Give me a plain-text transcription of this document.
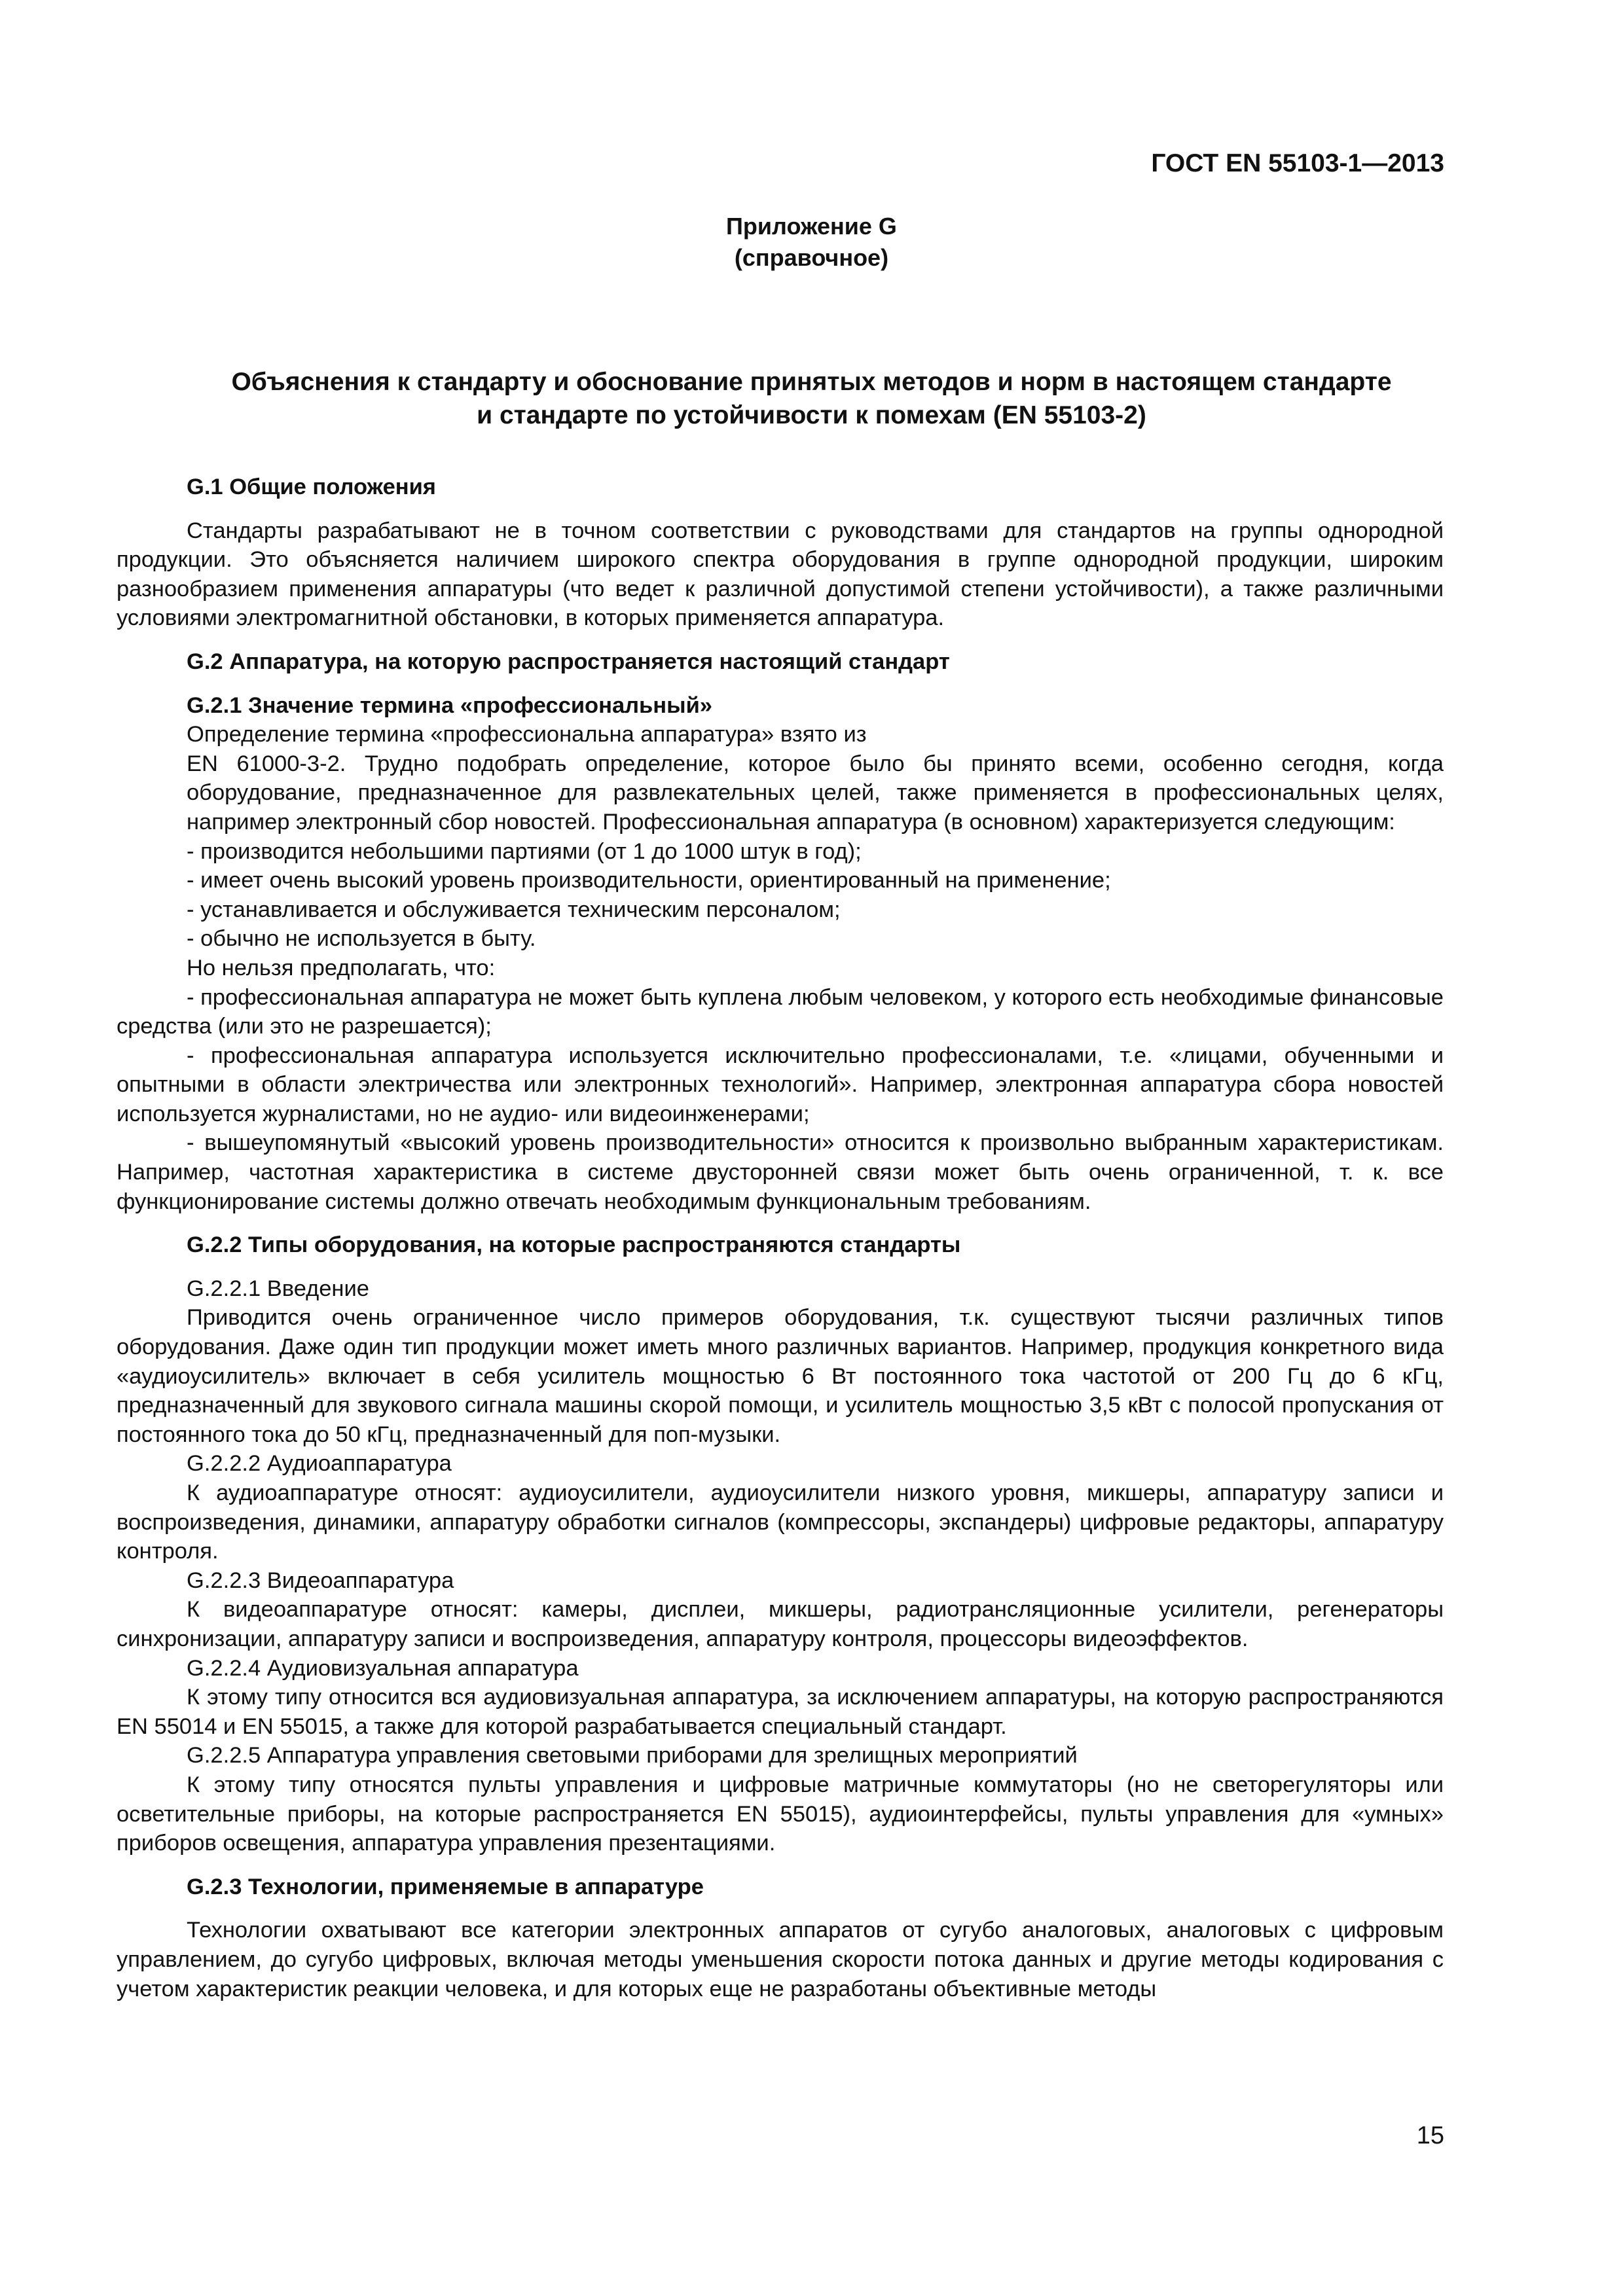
ГОСТ EN 55103-1—2013
Приложение G
(справочное)
Объяснения к стандарту и обоснование принятых методов и норм в настоящем стандарте
и стандарте по устойчивости к помехам (EN 55103-2)

G.1 Общие положения

Стандарты разрабатывают не в точном соответствии с руководствами для стандартов на группы однородной продукции. Это объясняется наличием широкого спектра оборудования в группе однородной продукции, широким разнообразием применения аппаратуры (что ведет к различной допустимой степени устойчивости), а также различными условиями электромагнитной обстановки, в которых применяется аппаратура.

G.2 Аппаратура, на которую распространяется настоящий стандарт

G.2.1 Значение термина «профессиональный»

Определение термина «профессиональна аппаратура» взято из

EN 61000-3-2. Трудно подобрать определение, которое было бы принято всеми, особенно сегодня, когда оборудование, предназначенное для развлекательных целей, также применяется в профессиональных целях, например электронный сбор новостей. Профессиональная аппаратура (в основном) характеризуется следующим:

- производится небольшими партиями (от 1 до 1000 штук в год);

- имеет очень высокий уровень производительности, ориентированный на применение;

- устанавливается и обслуживается техническим персоналом;

- обычно не используется в быту.

Но нельзя предполагать, что:

- профессиональная аппаратура не может быть куплена любым человеком, у которого есть необходимые финансовые средства (или это не разрешается);

- профессиональная аппаратура используется исключительно профессионалами, т.е. «лицами, обученными и опытными в области электричества или электронных технологий». Например, электронная аппаратура сбора новостей используется журналистами, но не аудио- или видеоинженерами;

- вышеупомянутый «высокий уровень производительности» относится к произвольно выбранным характеристикам. Например, частотная характеристика в системе двусторонней связи может быть очень ограниченной, т. к. все функционирование системы должно отвечать необходимым функциональным требованиям.

G.2.2 Типы оборудования, на которые распространяются стандарты

G.2.2.1 Введение

Приводится очень ограниченное число примеров оборудования, т.к. существуют тысячи различных типов оборудования. Даже один тип продукции может иметь много различных вариантов. Например, продукция конкретного вида «аудиоусилитель» включает в себя усилитель мощностью 6 Вт постоянного тока частотой от 200 Гц до 6 кГц, предназначенный для звукового сигнала машины скорой помощи, и усилитель мощностью 3,5 кВт с полосой пропускания от постоянного тока до 50 кГц, предназначенный для поп-музыки.

G.2.2.2 Аудиоаппаратура

К аудиоаппаратуре относят: аудиоусилители, аудиоусилители низкого уровня, микшеры, аппаратуру записи и воспроизведения, динамики, аппаратуру обработки сигналов (компрессоры, экспандеры) цифровые редакторы, аппаратуру контроля.

G.2.2.3 Видеоаппаратура

К видеоаппаратуре относят: камеры, дисплеи, микшеры, радиотрансляционные усилители, регенераторы синхронизации, аппаратуру записи и воспроизведения, аппаратуру контроля, процессоры видеоэффектов.

G.2.2.4 Аудиовизуальная аппаратура

К этому типу относится вся аудиовизуальная аппаратура, за исключением аппаратуры, на которую распространяются EN 55014 и EN 55015, а также для которой разрабатывается специальный стандарт.

G.2.2.5 Аппаратура управления световыми приборами для зрелищных мероприятий

К этому типу относятся пульты управления и цифровые матричные коммутаторы (но не светорегуляторы или осветительные приборы, на которые распространяется EN 55015), аудиоинтерфейсы, пульты управления для «умных» приборов освещения, аппаратура управления презентациями.

G.2.3 Технологии, применяемые в аппаратуре

Технологии охватывают все категории электронных аппаратов от сугубо аналоговых, аналоговых с цифровым управлением, до сугубо цифровых, включая методы уменьшения скорости потока данных и другие методы кодирования с учетом характеристик реакции человека, и для которых еще не разработаны объективные методы

15
